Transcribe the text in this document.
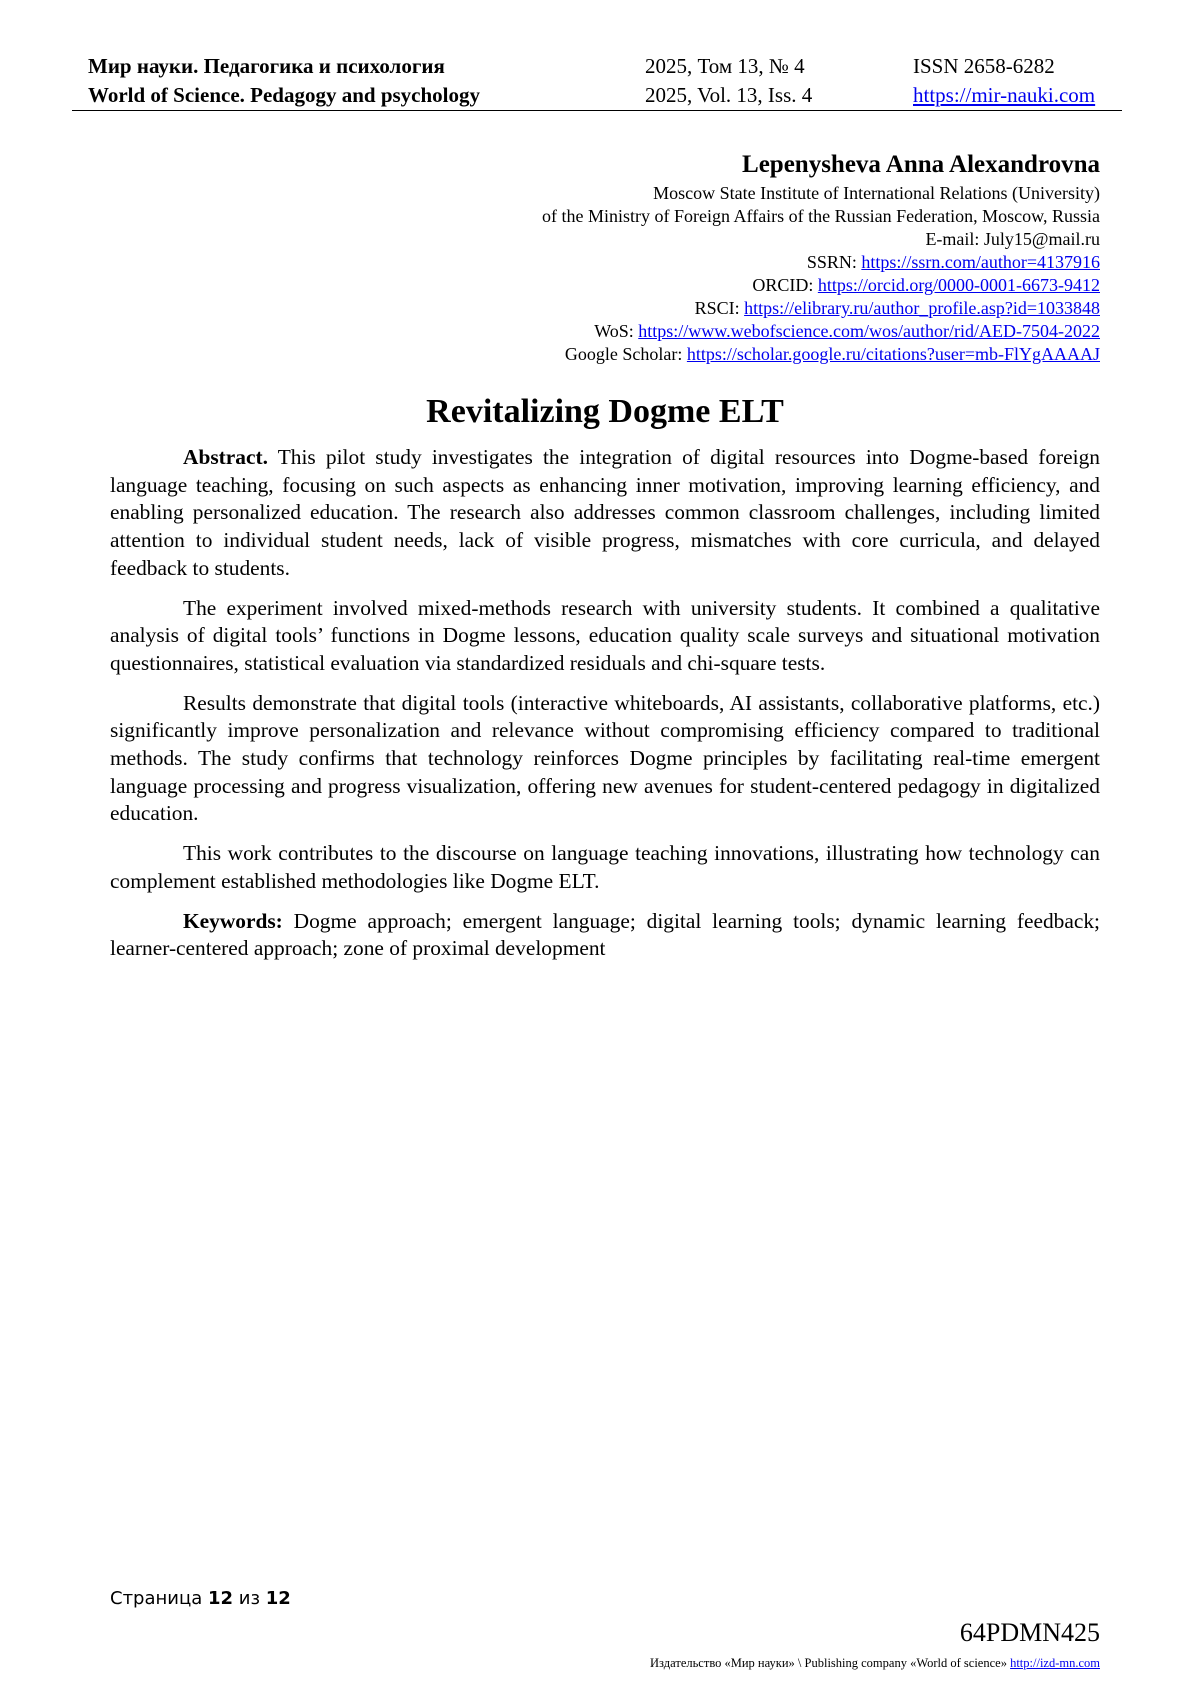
Мир науки. Педагогика и психология
World of Science. Pedagogy and psychology
2025, Том 13, № 4
2025, Vol. 13, Iss. 4
ISSN 2658-6282
https://mir-nauki.com
Lepenysheva Anna Alexandrovna
Moscow State Institute of International Relations (University)
of the Ministry of Foreign Affairs of the Russian Federation, Moscow, Russia
E-mail: July15@mail.ru
SSRN: https://ssrn.com/author=4137916
ORCID: https://orcid.org/0000-0001-6673-9412
RSCI: https://elibrary.ru/author_profile.asp?id=1033848
WoS: https://www.webofscience.com/wos/author/rid/AED-7504-2022
Google Scholar: https://scholar.google.ru/citations?user=mb-FlYgAAAAJ
Revitalizing Dogme ELT

Abstract. This pilot study investigates the integration of digital resources into Dogme-based foreign language teaching, focusing on such aspects as enhancing inner motivation, improving learning efficiency, and enabling personalized education. The research also addresses common classroom challenges, including limited attention to individual student needs, lack of visible progress, mismatches with core curricula, and delayed feedback to students.

The experiment involved mixed-methods research with university students. It combined a qualitative analysis of digital tools’ functions in Dogme lessons, education quality scale surveys and situational motivation questionnaires, statistical evaluation via standardized residuals and chi-square tests.

Results demonstrate that digital tools (interactive whiteboards, AI assistants, collaborative platforms, etc.) significantly improve personalization and relevance without compromising efficiency compared to traditional methods. The study confirms that technology reinforces Dogme principles by facilitating real-time emergent language processing and progress visualization, offering new avenues for student-centered pedagogy in digitalized education.

This work contributes to the discourse on language teaching innovations, illustrating how technology can complement established methodologies like Dogme ELT.

Keywords: Dogme approach; emergent language; digital learning tools; dynamic learning feedback; learner-centered approach; zone of proximal development

Страница 12 из 12
64PDMN425
Издательство «Мир науки» \ Publishing company «World of science» http://izd-mn.com
